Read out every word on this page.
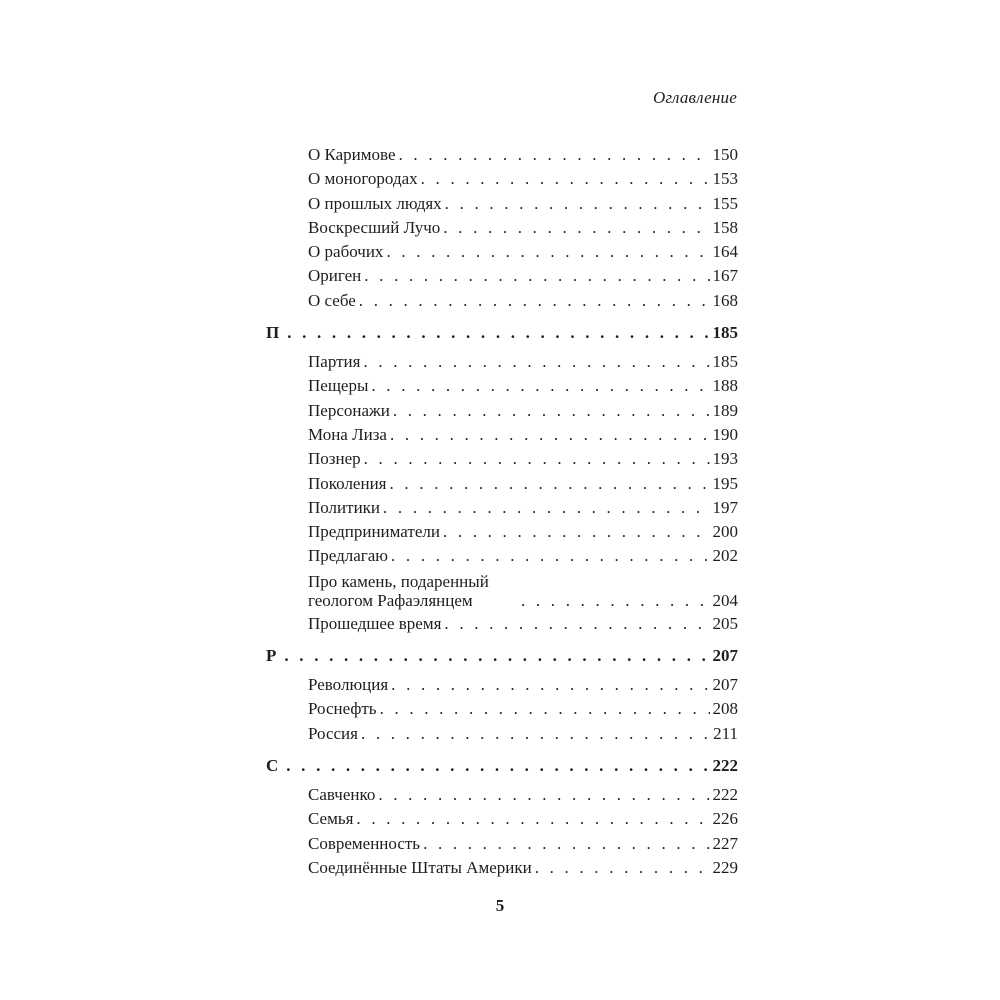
Оглавление
О Каримове . . .	150
О моногородах . . .	153
О прошлых людях . . .	155
Воскресший Лучо . . .	158
О рабочих . . .	164
Ориген . . .	167
О себе . . .	168
П . . .	185
Партия . . .	185
Пещеры . . .	188
Персонажи . . .	189
Мона Лиза . . .	190
Познер . . .	193
Поколения . . .	195
Политики . . .	197
Предприниматели . . .	200
Предлагаю . . .	202
Про камень, подаренный геологом Рафаэлянцем . . .	204
Прошедшее время . . .	205
Р . . .	207
Революция . . .	207
Роснефть . . .	208
Россия . . .	211
С . . .	222
Савченко . . .	222
Семья . . .	226
Современность . . .	227
Соединённые Штаты Америки . . .	229
5
